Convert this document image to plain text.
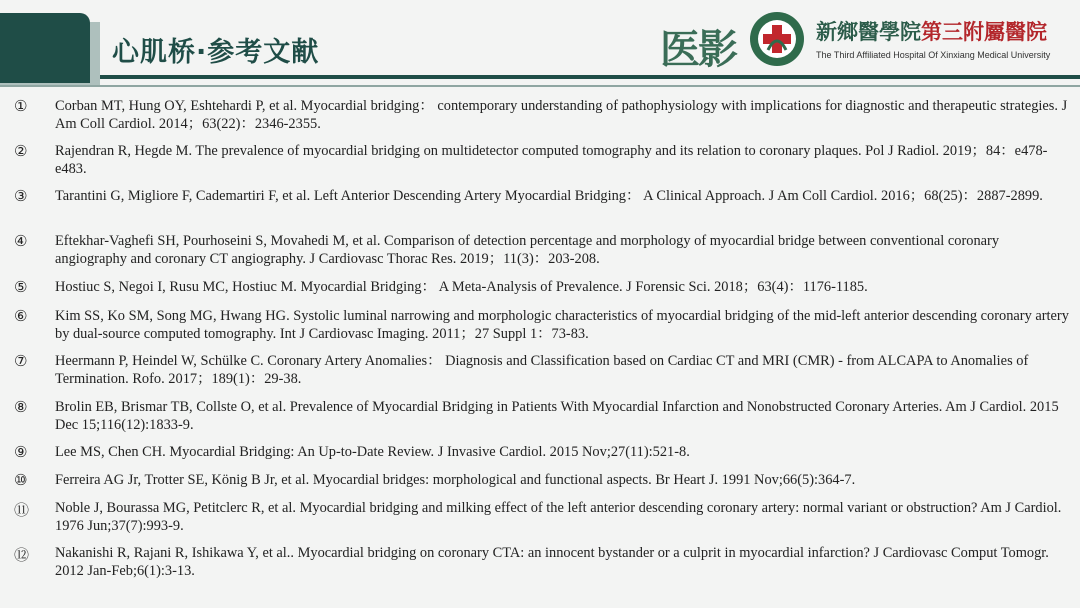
心肌桥·参考文献	医影	新鄉醫學院第三附屬醫院
The Third Affiliated Hospital Of Xinxiang Medical University
① Corban MT, Hung OY, Eshtehardi P, et al. Myocardial bridging： contemporary understanding of pathophysiology with implications for diagnostic and therapeutic strategies. J Am Coll Cardiol. 2014；63(22)：2346-2355.
② Rajendran R, Hegde M. The prevalence of myocardial bridging on multidetector computed tomography and its relation to coronary plaques. Pol J Radiol. 2019；84：e478-e483.
③ Tarantini G, Migliore F, Cademartiri F, et al. Left Anterior Descending Artery Myocardial Bridging： A Clinical Approach. J Am Coll Cardiol. 2016；68(25)：2887-2899.
④ Eftekhar-Vaghefi SH, Pourhoseini S, Movahedi M, et al. Comparison of detection percentage and morphology of myocardial bridge between conventional coronary angiography and coronary CT angiography. J Cardiovasc Thorac Res. 2019；11(3)：203-208.
⑤ Hostiuc S, Negoi I, Rusu MC, Hostiuc M. Myocardial Bridging： A Meta-Analysis of Prevalence. J Forensic Sci. 2018；63(4)：1176-1185.
⑥ Kim SS, Ko SM, Song MG, Hwang HG. Systolic luminal narrowing and morphologic characteristics of myocardial bridging of the mid-left anterior descending coronary artery by dual-source computed tomography. Int J Cardiovasc Imaging. 2011；27 Suppl 1：73-83.
⑦ Heermann P, Heindel W, Schülke C. Coronary Artery Anomalies： Diagnosis and Classification based on Cardiac CT and MRI (CMR) - from ALCAPA to Anomalies of Termination. Rofo. 2017；189(1)：29-38.
⑧ Brolin EB, Brismar TB, Collste O, et al. Prevalence of Myocardial Bridging in Patients With Myocardial Infarction and Nonobstructed Coronary Arteries. Am J Cardiol. 2015 Dec 15;116(12):1833-9.
⑨ Lee MS, Chen CH. Myocardial Bridging: An Up-to-Date Review. J Invasive Cardiol. 2015 Nov;27(11):521-8.
⑩ Ferreira AG Jr, Trotter SE, König B Jr, et al. Myocardial bridges: morphological and functional aspects. Br Heart J. 1991 Nov;66(5):364-7.
⑪ Noble J, Bourassa MG, Petitclerc R, et al. Myocardial bridging and milking effect of the left anterior descending coronary artery: normal variant or obstruction? Am J Cardiol. 1976 Jun;37(7):993-9.
⑫ Nakanishi R, Rajani R, Ishikawa Y, et al.. Myocardial bridging on coronary CTA: an innocent bystander or a culprit in myocardial infarction? J Cardiovasc Comput Tomogr. 2012 Jan-Feb;6(1):3-13.
